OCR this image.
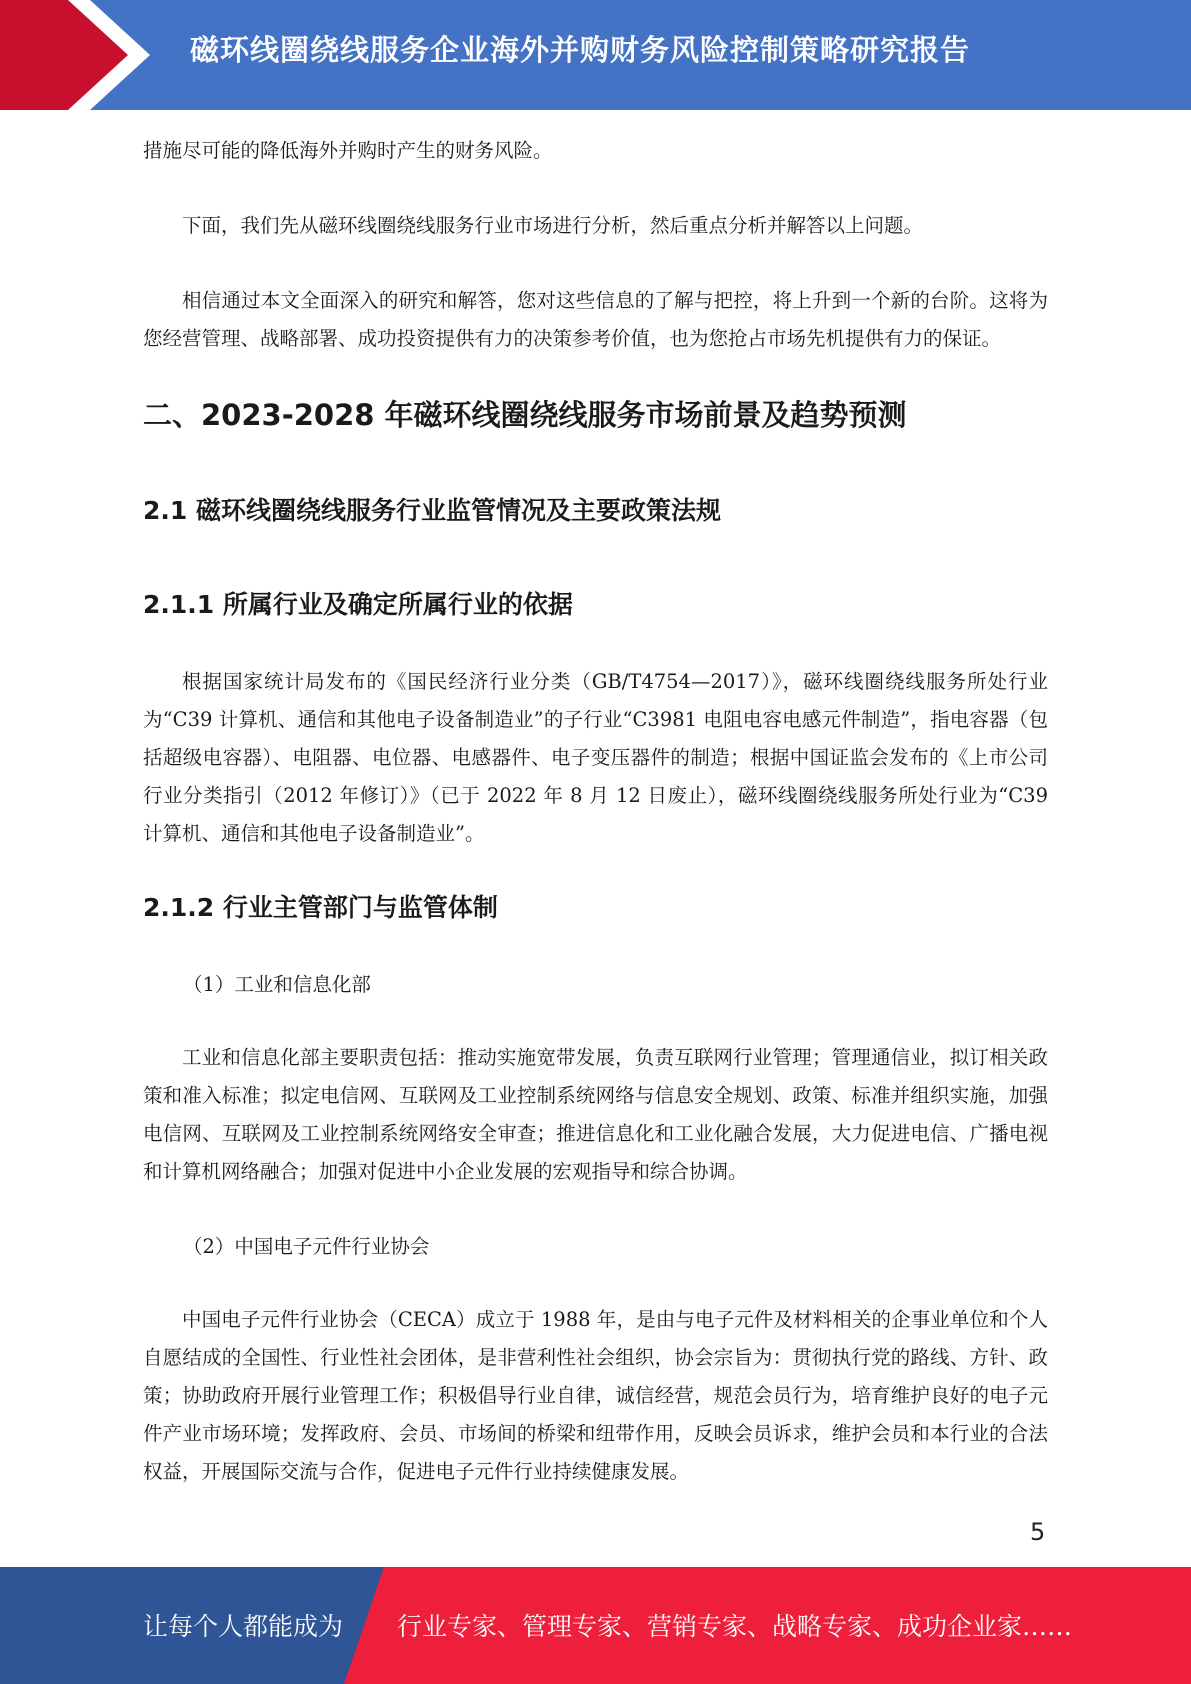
磁环线圈绕线服务企业海外并购财务风险控制策略研究报告

措施尽可能的降低海外并购时产生的财务风险。

下面，我们先从磁环线圈绕线服务行业市场进行分析，然后重点分析并解答以上问题。

相信通过本文全面深入的研究和解答，您对这些信息的了解与把控，将上升到一个新的台阶。这将为您经营管理、战略部署、成功投资提供有力的决策参考价值，也为您抢占市场先机提供有力的保证。

二、2023-2028 年磁环线圈绕线服务市场前景及趋势预测
2.1 磁环线圈绕线服务行业监管情况及主要政策法规
2.1.1 所属行业及确定所属行业的依据

根据国家统计局发布的《国民经济行业分类（GB/T4754—2017）》，磁环线圈绕线服务所处行业为“C39 计算机、通信和其他电子设备制造业”的子行业“C3981 电阻电容电感元件制造”，指电容器（包括超级电容器）、电阻器、电位器、电感器件、电子变压器件的制造；根据中国证监会发布的《上市公司行业分类指引（2012 年修订）》（已于 2022 年 8 月 12 日废止），磁环线圈绕线服务所处行业为“C39 计算机、通信和其他电子设备制造业”。

2.1.2 行业主管部门与监管体制
（1）工业和信息化部

工业和信息化部主要职责包括：推动实施宽带发展，负责互联网行业管理；管理通信业，拟订相关政策和准入标准；拟定电信网、互联网及工业控制系统网络与信息安全规划、政策、标准并组织实施，加强电信网、互联网及工业控制系统网络安全审查；推进信息化和工业化融合发展，大力促进电信、广播电视和计算机网络融合；加强对促进中小企业发展的宏观指导和综合协调。

（2）中国电子元件行业协会

中国电子元件行业协会（CECA）成立于 1988 年，是由与电子元件及材料相关的企事业单位和个人自愿结成的全国性、行业性社会团体，是非营利性社会组织，协会宗旨为：贯彻执行党的路线、方针、政策；协助政府开展行业管理工作；积极倡导行业自律，诚信经营，规范会员行为，培育维护良好的电子元件产业市场环境；发挥政府、会员、市场间的桥梁和纽带作用，反映会员诉求，维护会员和本行业的合法权益，开展国际交流与合作，促进电子元件行业持续健康发展。

5
让每个人都能成为 行业专家、管理专家、营销专家、战略专家、成功企业家……
